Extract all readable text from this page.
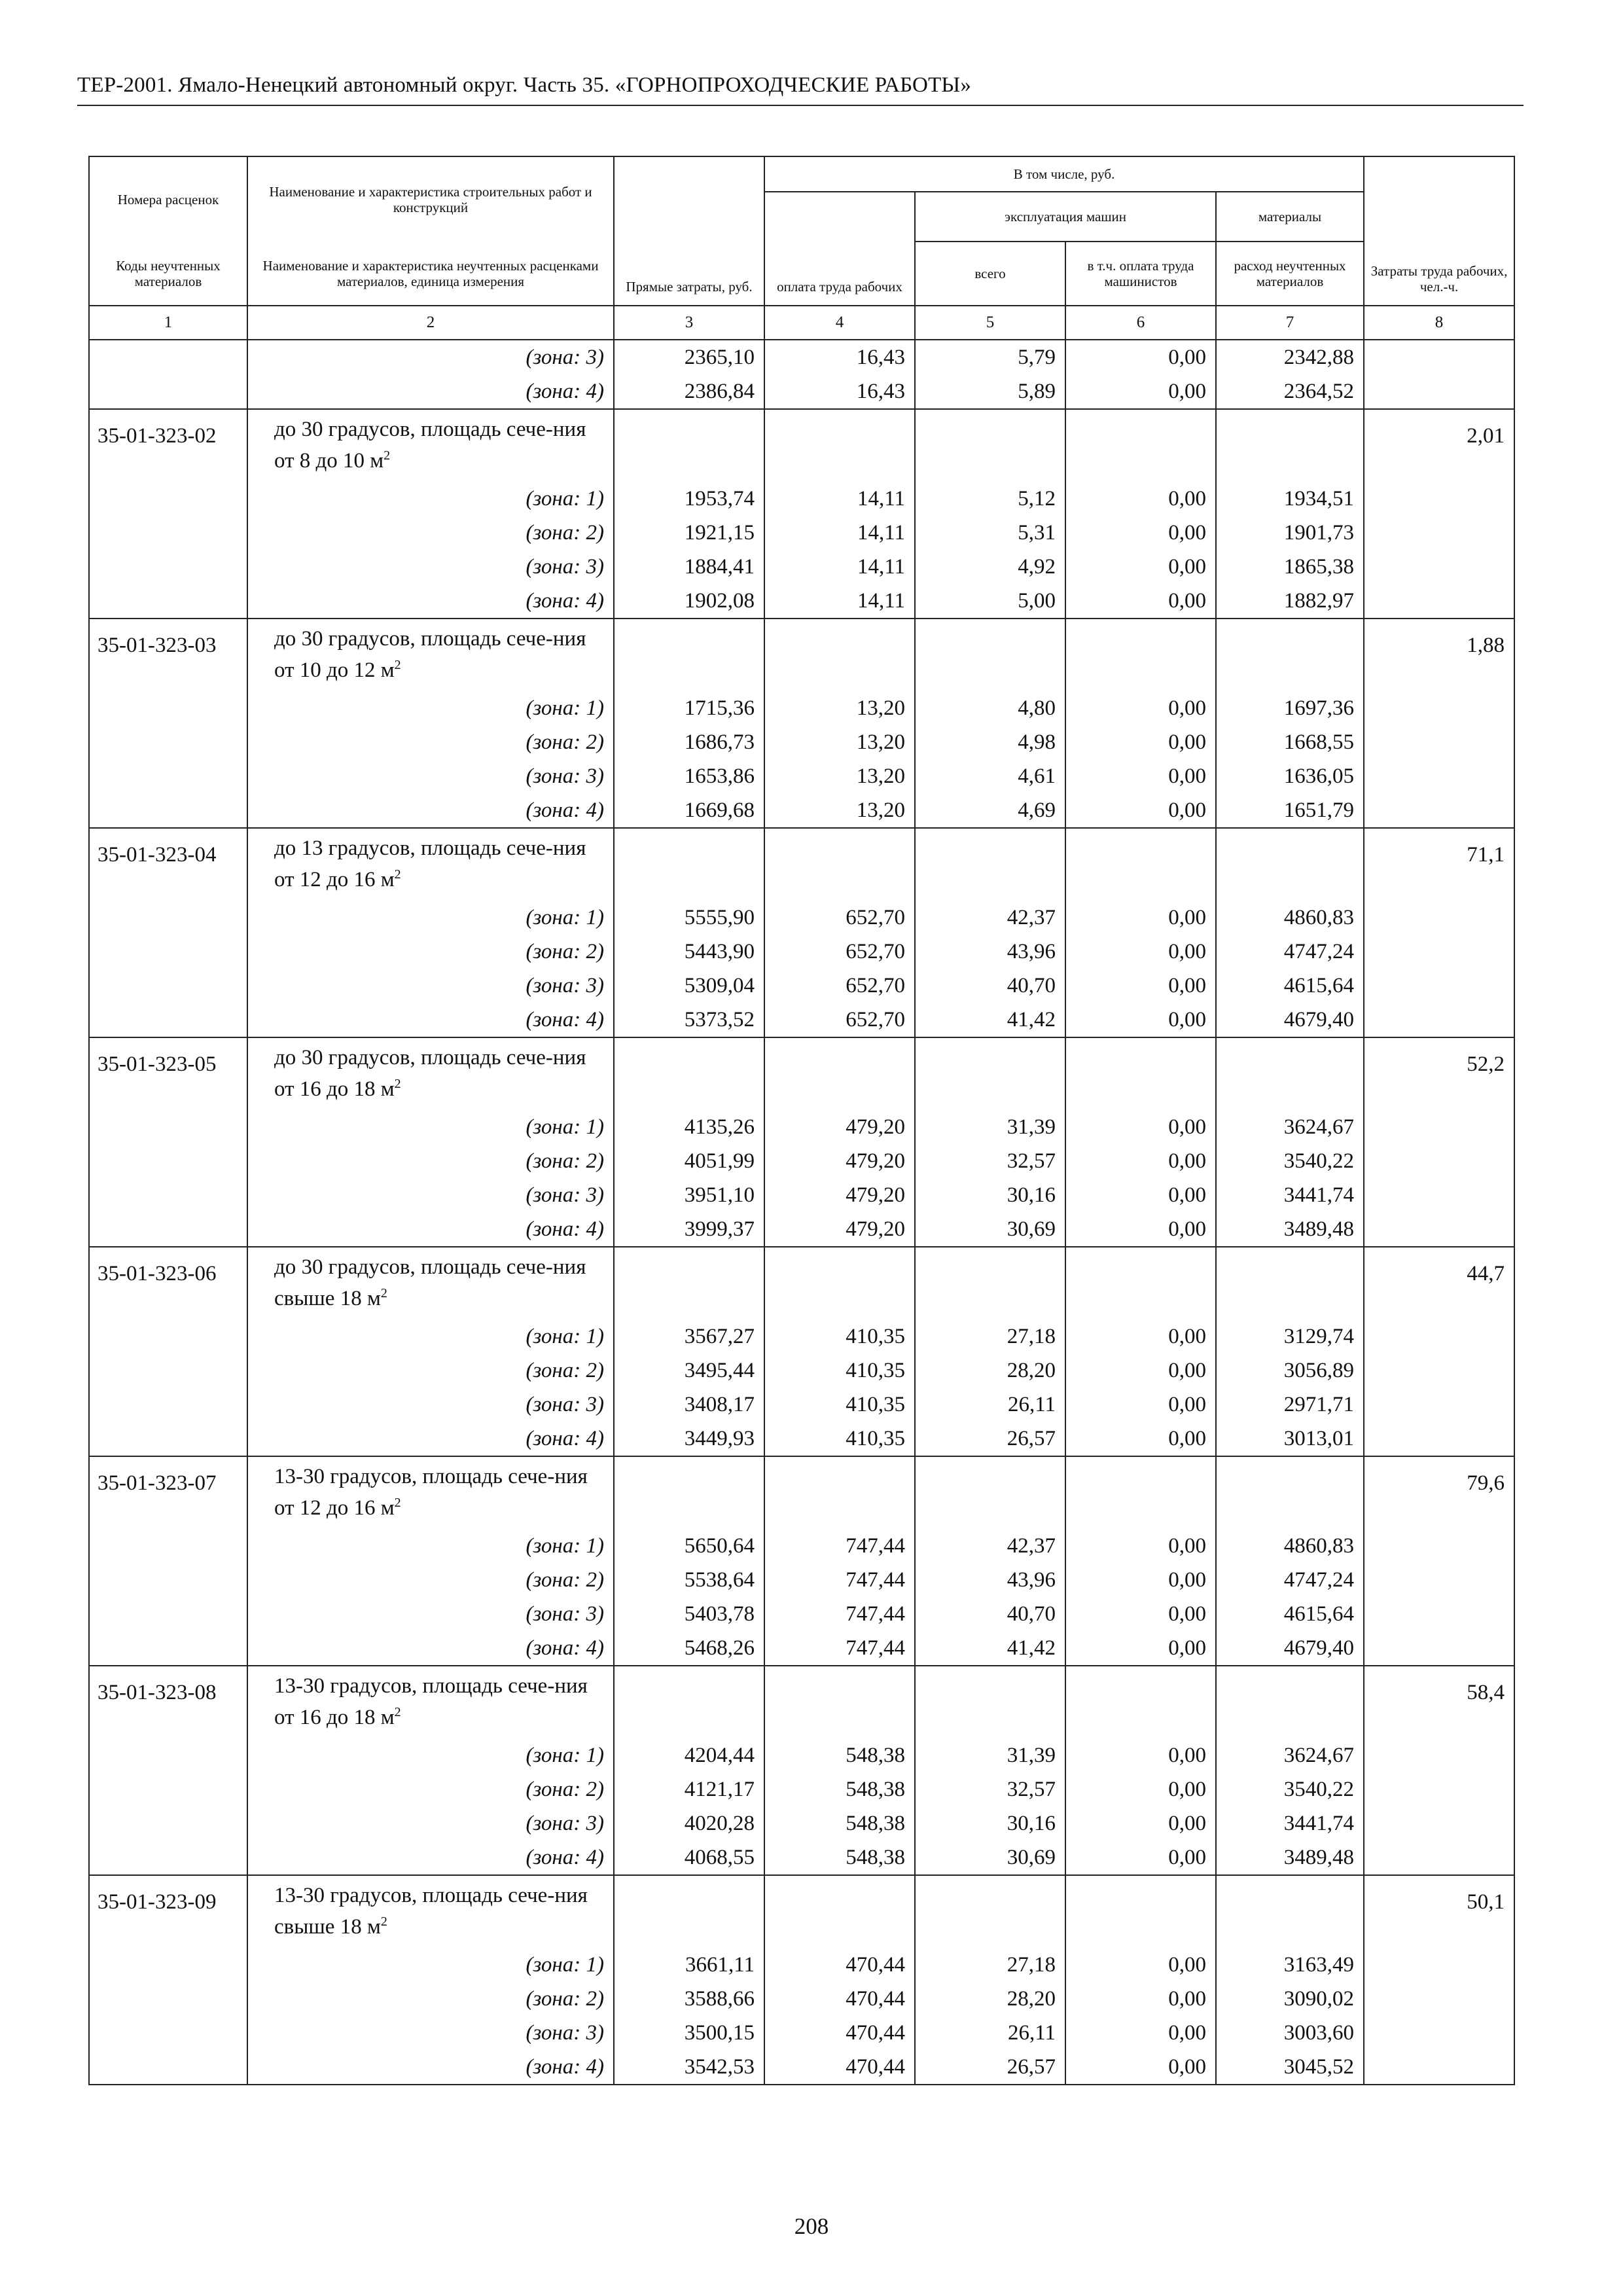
ТЕР-2001. Ямало-Ненецкий автономный округ. Часть 35. «ГОРНОПРОХОДЧЕСКИЕ РАБОТЫ»
Номера расценок	Наименование и характеристика строительных работ и конструкций	Прямые затраты, руб.	В том числе, руб.				Затраты труда рабочих, чел.-ч.
			оплата труда рабочих	эксплуатация машин		материалы	
Коды неучтенных материалов	Наименование и характеристика неучтенных расценками материалов, единица измерения			всего	в т.ч. оплата труда машинистов	расход неучтенных материалов	
1	2	3	4	5	6	7	8
	(зона: 3)	2365,10	16,43	5,79	0,00	2342,88	
	(зона: 4)	2386,84	16,43	5,89	0,00	2364,52	
35-01-323-02	до 30 градусов, площадь сече-ния от 8 до 10 $м^2$						2,01
	(зона: 1)	1953,74	14,11	5,12	0,00	1934,51	
	(зона: 2)	1921,15	14,11	5,31	0,00	1901,73	
	(зона: 3)	1884,41	14,11	4,92	0,00	1865,38	
	(зона: 4)	1902,08	14,11	5,00	0,00	1882,97	
35-01-323-03	до 30 градусов, площадь сече-ния от 10 до 12 $м^2$						1,88
	(зона: 1)	1715,36	13,20	4,80	0,00	1697,36	
	(зона: 2)	1686,73	13,20	4,98	0,00	1668,55	
	(зона: 3)	1653,86	13,20	4,61	0,00	1636,05	
	(зона: 4)	1669,68	13,20	4,69	0,00	1651,79	
35-01-323-04	до 13 градусов, площадь сече-ния от 12 до 16 $м^2$						71,1
	(зона: 1)	5555,90	652,70	42,37	0,00	4860,83	
	(зона: 2)	5443,90	652,70	43,96	0,00	4747,24	
	(зона: 3)	5309,04	652,70	40,70	0,00	4615,64	
	(зона: 4)	5373,52	652,70	41,42	0,00	4679,40	
35-01-323-05	до 30 градусов, площадь сече-ния от 16 до 18 $м^2$						52,2
	(зона: 1)	4135,26	479,20	31,39	0,00	3624,67	
	(зона: 2)	4051,99	479,20	32,57	0,00	3540,22	
	(зона: 3)	3951,10	479,20	30,16	0,00	3441,74	
	(зона: 4)	3999,37	479,20	30,69	0,00	3489,48	
35-01-323-06	до 30 градусов, площадь сече-ния свыше 18 $м^2$						44,7
	(зона: 1)	3567,27	410,35	27,18	0,00	3129,74	
	(зона: 2)	3495,44	410,35	28,20	0,00	3056,89	
	(зона: 3)	3408,17	410,35	26,11	0,00	2971,71	
	(зона: 4)	3449,93	410,35	26,57	0,00	3013,01	
35-01-323-07	13-30 градусов, площадь сече-ния от 12 до 16 $м^2$						79,6
	(зона: 1)	5650,64	747,44	42,37	0,00	4860,83	
	(зона: 2)	5538,64	747,44	43,96	0,00	4747,24	
	(зона: 3)	5403,78	747,44	40,70	0,00	4615,64	
	(зона: 4)	5468,26	747,44	41,42	0,00	4679,40	
35-01-323-08	13-30 градусов, площадь сече-ния от 16 до 18 $м^2$						58,4
	(зона: 1)	4204,44	548,38	31,39	0,00	3624,67	
	(зона: 2)	4121,17	548,38	32,57	0,00	3540,22	
	(зона: 3)	4020,28	548,38	30,16	0,00	3441,74	
	(зона: 4)	4068,55	548,38	30,69	0,00	3489,48	
35-01-323-09	13-30 градусов, площадь сече-ния свыше 18 $м^2$						50,1
	(зона: 1)	3661,11	470,44	27,18	0,00	3163,49	
	(зона: 2)	3588,66	470,44	28,20	0,00	3090,02	
	(зона: 3)	3500,15	470,44	26,11	0,00	3003,60	
	(зона: 4)	3542,53	470,44	26,57	0,00	3045,52	
208
